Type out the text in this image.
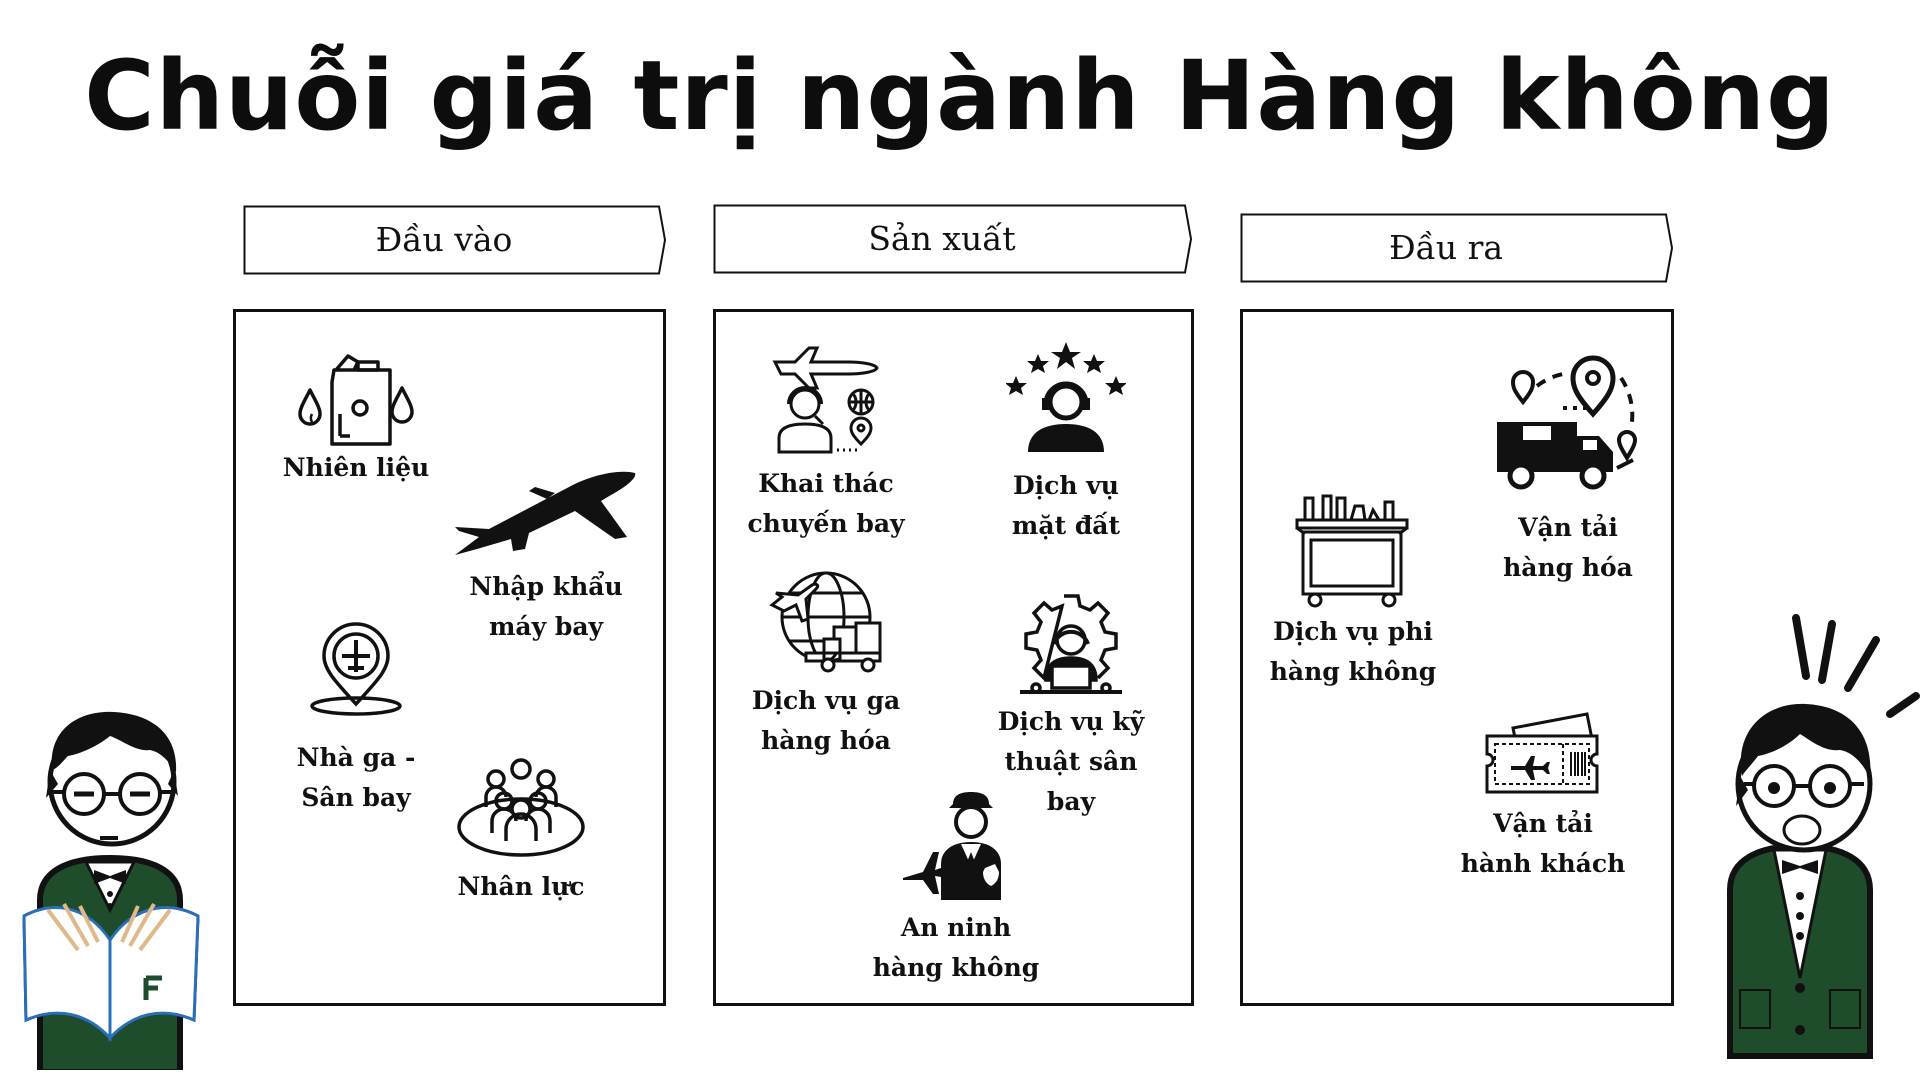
Chuỗi giá trị ngành Hàng không
Đầu vào	Sản xuất	Đầu ra
Nhiên liệu
Nhập khẩu
máy bay
Nhà ga -
Sân bay
Nhân lực
Khai thác
chuyến bay
Dịch vụ
mặt đất
Dịch vụ ga
hàng hóa
Dịch vụ kỹ
thuật sân bay
An ninh
hàng không
Vận tải
hàng hóa
Dịch vụ phi
hàng không
Vận tải
hành khách
